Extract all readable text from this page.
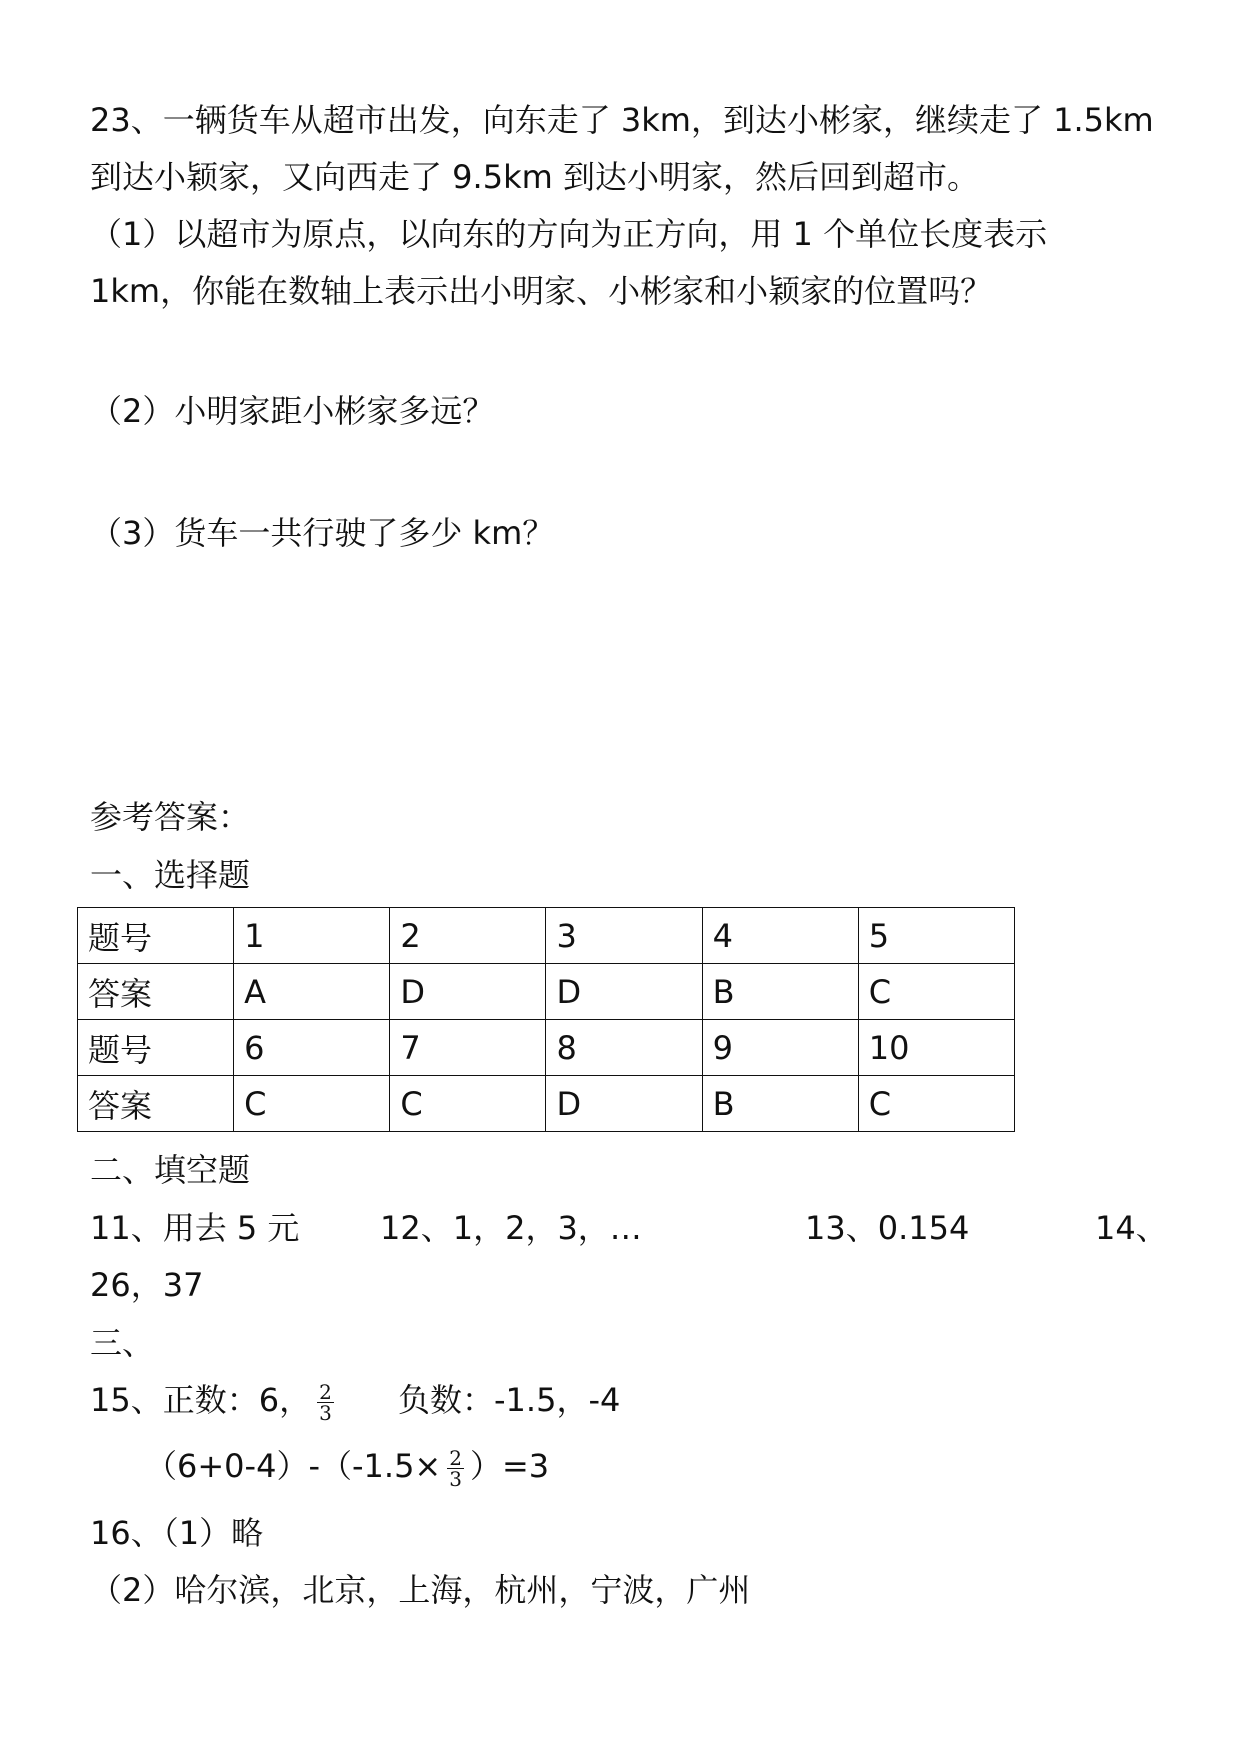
23、一辆货车从超市出发，向东走了 3km，到达小彬家，继续走了 1.5km
到达小颖家，又向西走了 9.5km 到达小明家，然后回到超市。
（1）以超市为原点，以向东的方向为正方向，用 1 个单位长度表示
1km，你能在数轴上表示出小明家、小彬家和小颖家的位置吗？
（2）小明家距小彬家多远？
（3）货车一共行驶了多少 km？
参考答案：
一、选择题
题号	1	2	3	4	5
答案	A	D	D	B	C
题号	6	7	8	9	10
答案	C	C	D	B	C
二、填空题
11、用去 5 元	12、1，2，3，…	13、0.154	14、
26，37
三、
15、正数：6， $\frac{2}{3}$ 负数：-1.5，-4
$(6+0-4)-(-1.5\times \frac{2}{3} )=3$
16、（1）略
（2）哈尔滨，北京，上海，杭州，宁波，广州
